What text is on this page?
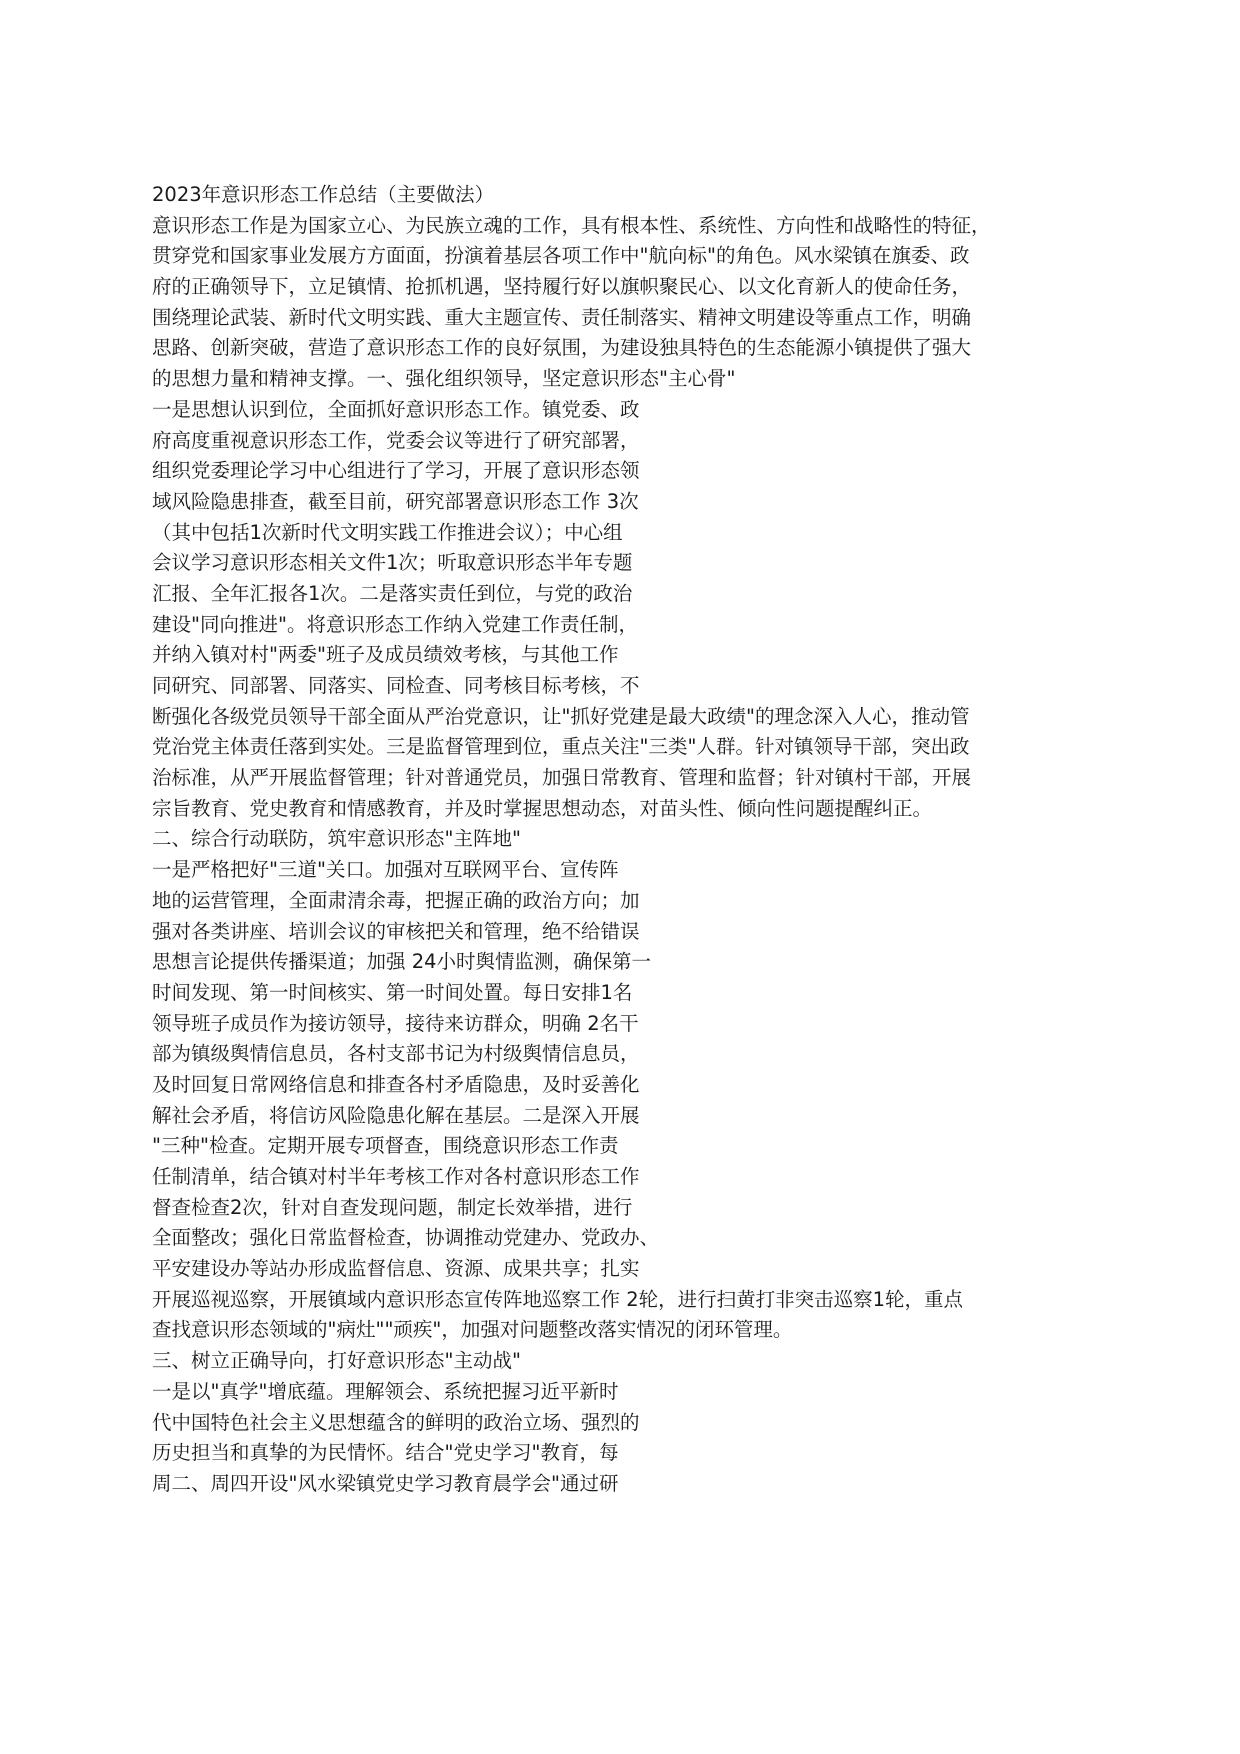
2023年意识形态工作总结（主要做法）
意识形态工作是为国家立心、为民族立魂的工作，具有根本性、系统性、方向性和战略性的特征，
贯穿党和国家事业发展方方面面，扮演着基层各项工作中"航向标"的角色。风水梁镇在旗委、政
府的正确领导下，立足镇情、抢抓机遇，坚持履行好以旗帜聚民心、以文化育新人的使命任务，
围绕理论武装、新时代文明实践、重大主题宣传、责任制落实、精神文明建设等重点工作，明确
思路、创新突破，营造了意识形态工作的良好氛围，为建设独具特色的生态能源小镇提供了强大
的思想力量和精神支撑。一、强化组织领导，坚定意识形态"主心骨"
一是思想认识到位，全面抓好意识形态工作。镇党委、政
府高度重视意识形态工作，党委会议等进行了研究部署，
组织党委理论学习中心组进行了学习，开展了意识形态领
域风险隐患排查，截至目前，研究部署意识形态工作 3次
（其中包括1次新时代文明实践工作推进会议）；中心组
会议学习意识形态相关文件1次；听取意识形态半年专题
汇报、全年汇报各1次。二是落实责任到位，与党的政治
建设"同向推进"。将意识形态工作纳入党建工作责任制，
并纳入镇对村"两委"班子及成员绩效考核，与其他工作
同研究、同部署、同落实、同检查、同考核目标考核，不
断强化各级党员领导干部全面从严治党意识，让"抓好党建是最大政绩"的理念深入人心，推动管
党治党主体责任落到实处。三是监督管理到位，重点关注"三类"人群。针对镇领导干部，突出政
治标准，从严开展监督管理；针对普通党员，加强日常教育、管理和监督；针对镇村干部，开展
宗旨教育、党史教育和情感教育，并及时掌握思想动态，对苗头性、倾向性问题提醒纠正。
二、综合行动联防，筑牢意识形态"主阵地"
一是严格把好"三道"关口。加强对互联网平台、宣传阵
地的运营管理，全面肃清余毒，把握正确的政治方向；加
强对各类讲座、培训会议的审核把关和管理，绝不给错误
思想言论提供传播渠道；加强 24小时舆情监测，确保第一
时间发现、第一时间核实、第一时间处置。每日安排1名
领导班子成员作为接访领导，接待来访群众，明确 2名干
部为镇级舆情信息员，各村支部书记为村级舆情信息员，
及时回复日常网络信息和排查各村矛盾隐患，及时妥善化
解社会矛盾，将信访风险隐患化解在基层。二是深入开展
"三种"检查。定期开展专项督查，围绕意识形态工作责
任制清单，结合镇对村半年考核工作对各村意识形态工作
督查检查2次，针对自查发现问题，制定长效举措，进行
全面整改；强化日常监督检查，协调推动党建办、党政办、
平安建设办等站办形成监督信息、资源、成果共享；扎实
开展巡视巡察，开展镇域内意识形态宣传阵地巡察工作 2轮，进行扫黄打非突击巡察1轮，重点
查找意识形态领域的"病灶""顽疾"，加强对问题整改落实情况的闭环管理。
三、树立正确导向，打好意识形态"主动战"
一是以"真学"增底蕴。理解领会、系统把握习近平新时
代中国特色社会主义思想蕴含的鲜明的政治立场、强烈的
历史担当和真挚的为民情怀。结合"党史学习"教育，每
周二、周四开设"风水梁镇党史学习教育晨学会"通过研
